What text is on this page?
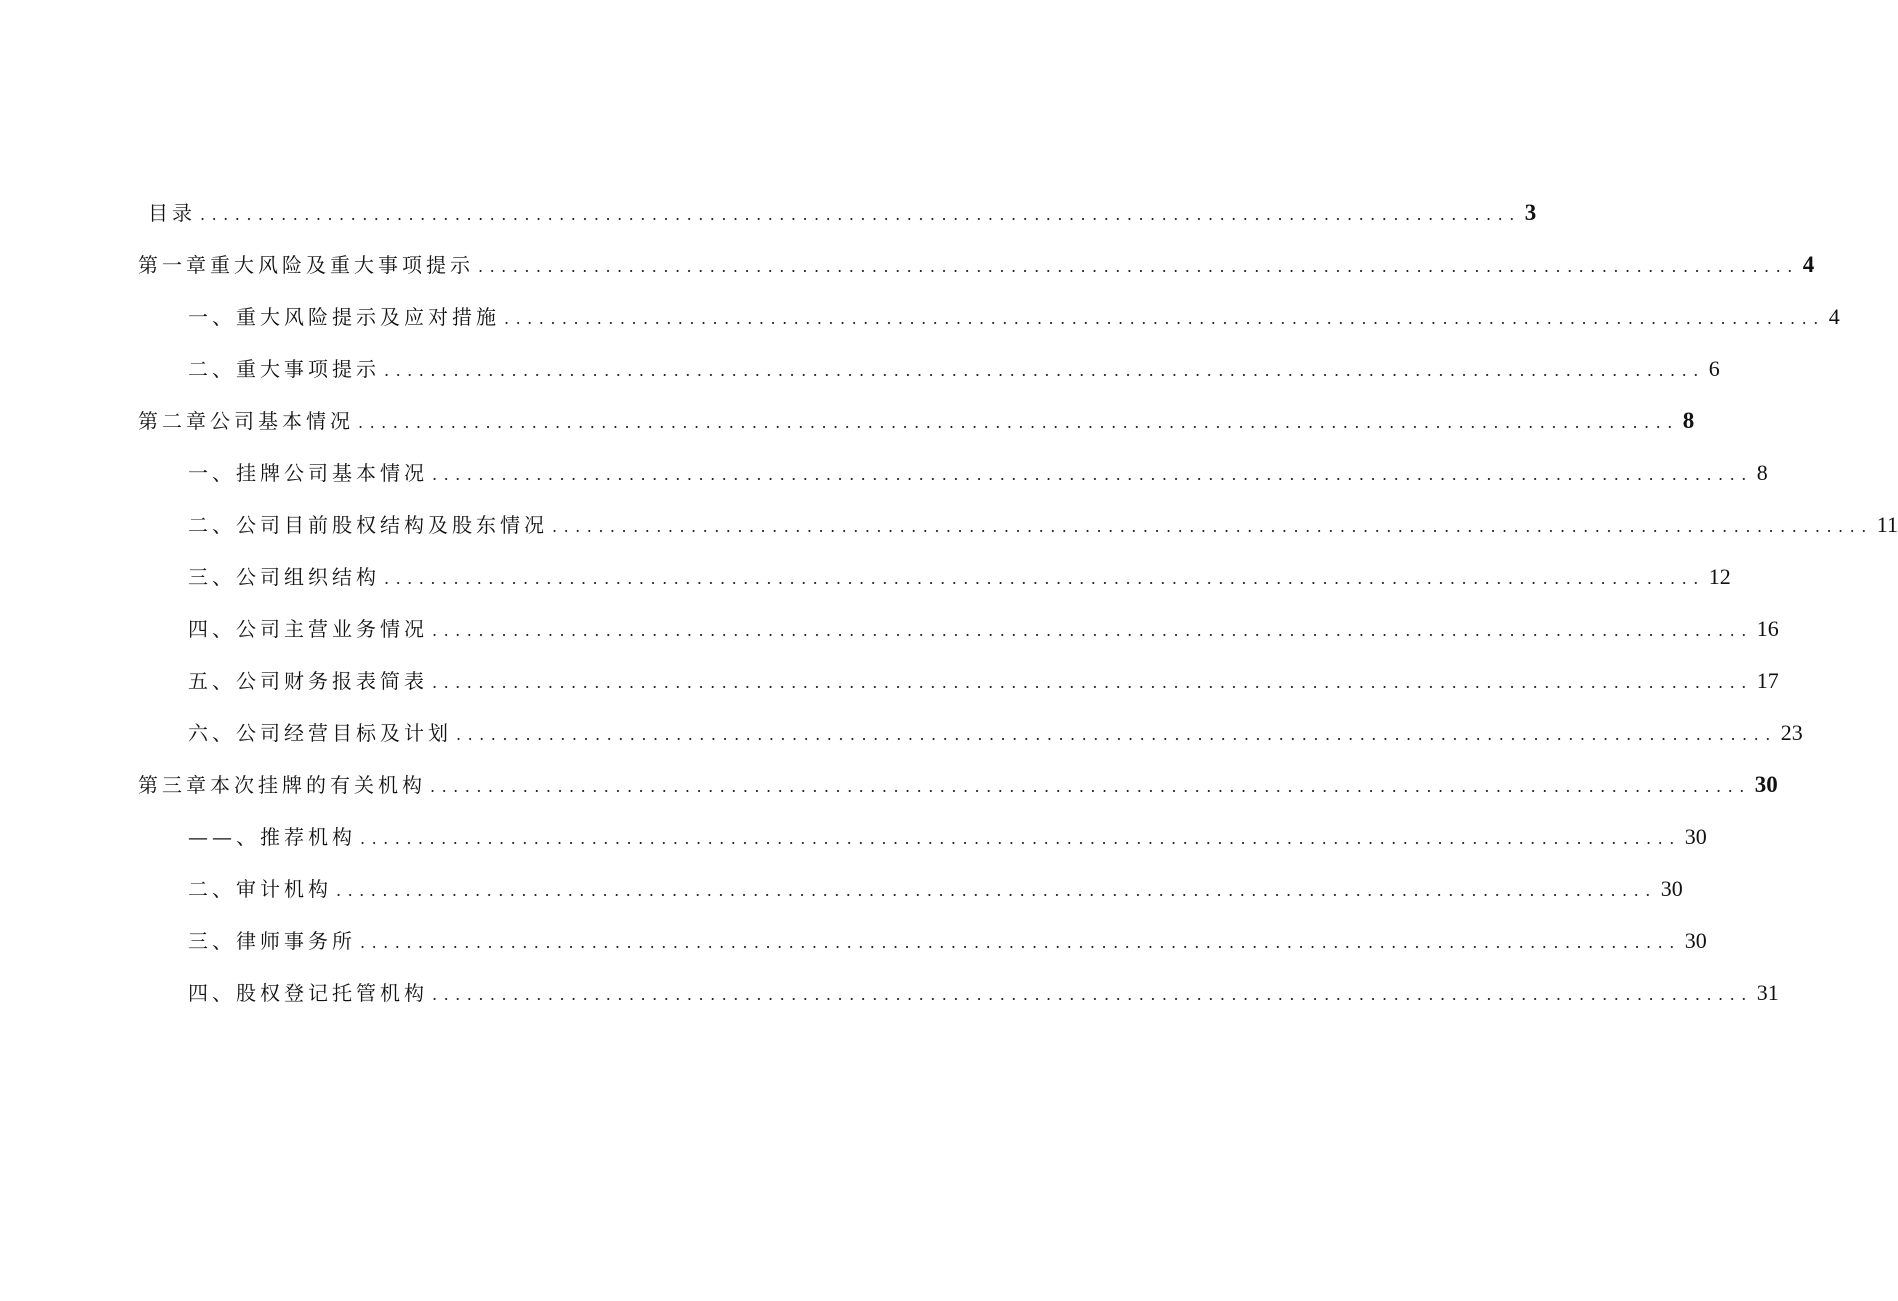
目录 .................................................................................................................. 3
第一章重大风险及重大事项提示 .................................................................................................................. 4
一、重大风险提示及应对措施 .................................................................................................................. 4
二、重大事项提示 .................................................................................................................. 6
第二章公司基本情况 .................................................................................................................. 8
一、挂牌公司基本情况 .................................................................................................................. 8
二、公司目前股权结构及股东情况 .................................................................................................................. 11
三、公司组织结构 .................................................................................................................. 12
四、公司主营业务情况 .................................................................................................................. 16
五、公司财务报表简表 .................................................................................................................. 17
六、公司经营目标及计划 .................................................................................................................. 23
第三章本次挂牌的有关机构 .................................................................................................................. 30
——、推荐机构 .................................................................................................................. 30
二、审计机构 .................................................................................................................. 30
三、律师事务所 .................................................................................................................. 30
四、股权登记托管机构 .................................................................................................................. 31
